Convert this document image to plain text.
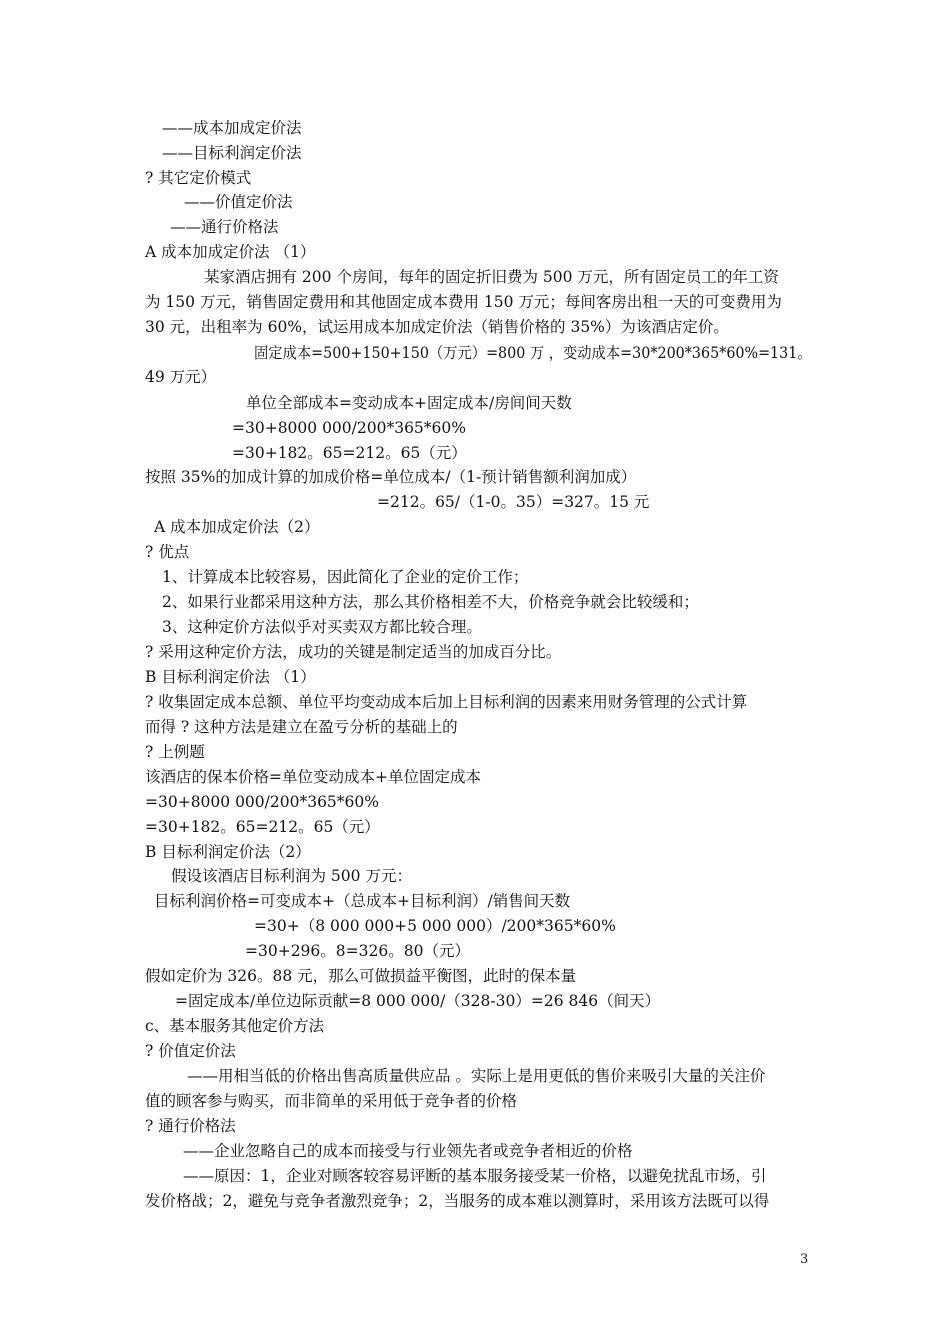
——成本加成定价法
——目标利润定价法
? 其它定价模式
——价值定价法
——通行价格法
A 成本加成定价法 （1）
某家酒店拥有 200 个房间，每年的固定折旧费为 500 万元，所有固定员工的年工资
为 150 万元，销售固定费用和其他固定成本费用 150 万元；每间客房出租一天的可变费用为
30 元，出租率为 60%，试运用成本加成定价法（销售价格的 35%）为该酒店定价。
固定成本=500+150+150（万元）=800 万 ，变动成本=30*200*365*60%=131。
49 万元）
单位全部成本=变动成本+固定成本/房间间天数
=30+8000 000/200*365*60%
=30+182。65=212。65（元）
按照 35%的加成计算的加成价格=单位成本/（1-预计销售额利润加成）
=212。65/（1-0。35）=327。15 元
A 成本加成定价法（2）
? 优点
1、计算成本比较容易，因此简化了企业的定价工作；
2、如果行业都采用这种方法，那么其价格相差不大，价格竞争就会比较缓和；
3、这种定价方法似乎对买卖双方都比较合理。
? 采用这种定价方法，成功的关键是制定适当的加成百分比。
B 目标利润定价法 （1）
? 收集固定成本总额、单位平均变动成本后加上目标利润的因素来用财务管理的公式计算
而得 ? 这种方法是建立在盈亏分析的基础上的
? 上例题
该酒店的保本价格=单位变动成本+单位固定成本
=30+8000 000/200*365*60%
=30+182。65=212。65（元）
B 目标利润定价法（2）
假设该酒店目标利润为 500 万元：
目标利润价格=可变成本+（总成本+目标利润）/销售间天数
=30+（8 000 000+5 000 000）/200*365*60%
=30+296。8=326。80（元）
假如定价为 326。88 元，那么可做损益平衡图，此时的保本量
=固定成本/单位边际贡献=8 000 000/（328-30）=26 846（间天）
c、基本服务其他定价方法
? 价值定价法
——用相当低的价格出售高质量供应品 。实际上是用更低的售价来吸引大量的关注价
值的顾客参与购买，而非简单的采用低于竞争者的价格
? 通行价格法
——企业忽略自己的成本而接受与行业领先者或竞争者相近的价格
——原因：1，企业对顾客较容易评断的基本服务接受某一价格，以避免扰乱市场，引
发价格战；2，避免与竞争者激烈竞争；2，当服务的成本难以测算时，采用该方法既可以得
3
